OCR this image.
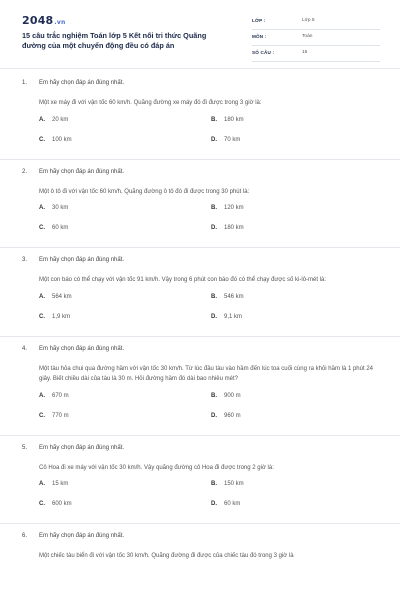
2048.vn
15 câu trắc nghiệm Toán lớp 5 Kết nối tri thức Quãng đường của một chuyển động đều có đáp án
LỚP :	Lớp 5
MÔN :	Toán
SỐ CÂU :	15
1. Em hãy chọn đáp án đúng nhất.
Một xe máy đi với vận tốc 60 km/h. Quãng đường xe máy đó đi được trong 3 giờ là:
A. 20 km	B. 180 km
C. 100 km	D. 70 km
2. Em hãy chọn đáp án đúng nhất.
Một ô tô đi với vận tốc 60 km/h. Quãng đường ô tô đó đi được trong 30 phút là:
A. 30 km	B. 120 km
C. 60 km	D. 180 km
3. Em hãy chọn đáp án đúng nhất.
Một con báo có thể chạy với vận tốc 91 km/h. Vậy trong 6 phút con báo đó có thể chạy được số ki-lô-mét là:
A. 564 km	B. 546 km
C. 1,9 km	D. 9,1 km
4. Em hãy chọn đáp án đúng nhất.
Một tàu hỏa chui qua đường hầm với vận tốc 30 km/h. Từ lúc đầu tàu vào hầm đến lúc toa cuối cùng ra khỏi hầm là 1 phút 24 giây. Biết chiều dài của tàu là 30 m. Hỏi đường hầm đó dài bao nhiêu mét?
A. 670 m	B. 900 m
C. 770 m	D. 960 m
5. Em hãy chọn đáp án đúng nhất.
Cô Hoa đi xe máy với vận tốc 30 km/h. Vậy quãng đường cô Hoa đi được trong 2 giờ là:
A. 15 km	B. 150 km
C. 600 km	D. 60 km
6. Em hãy chọn đáp án đúng nhất.
Một chiếc tàu biển đi với vận tốc 30 km/h. Quãng đường đi được của chiếc tàu đó trong 3 giờ là
